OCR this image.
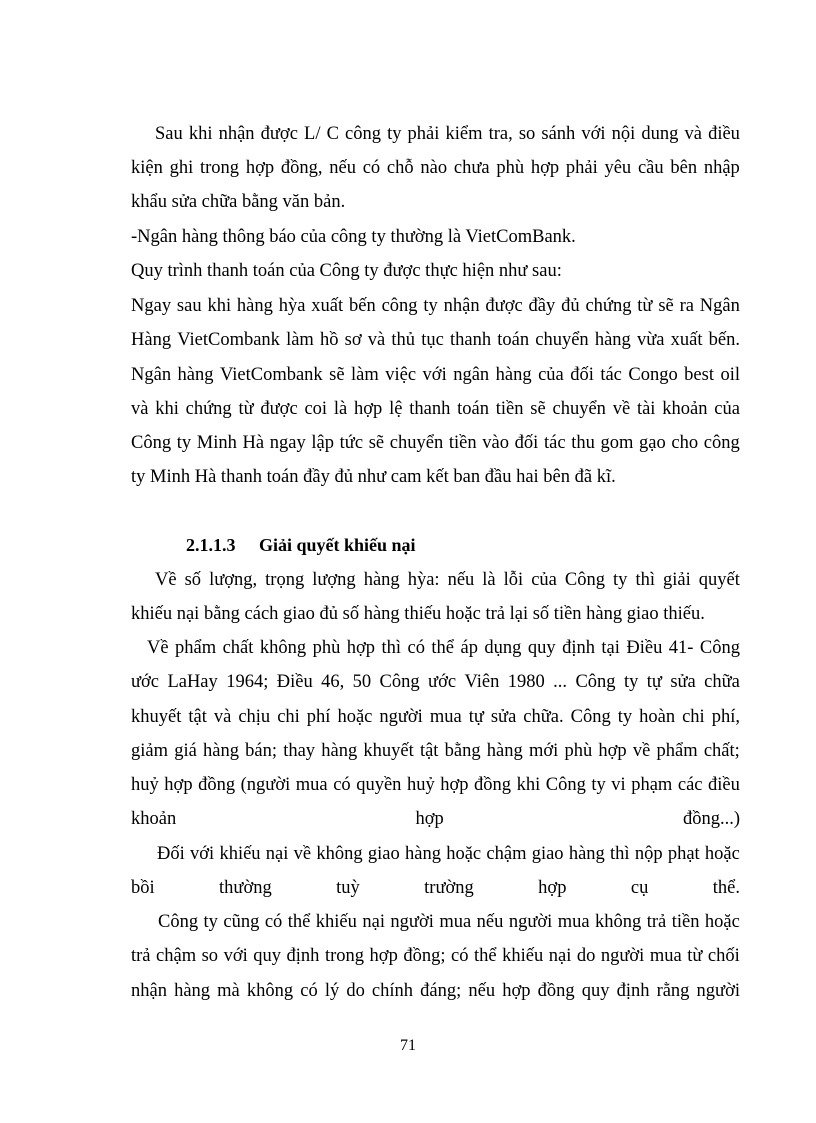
Sau khi nhận được L/ C công ty phải kiểm tra, so sánh với nội dung và điều
kiện ghi trong hợp đồng, nếu có chỗ nào chưa phù hợp phải yêu cầu bên nhập
khẩu sửa chữa bằng văn bản.
-Ngân hàng thông báo của công ty thường là VietComBank.
Quy trình thanh toán của Công ty được thực hiện như sau:
Ngay sau khi hàng hỳa xuất bến công ty nhận được đầy đủ chứng từ sẽ ra Ngân
Hàng VietCombank làm hồ sơ và thủ tục thanh toán chuyển hàng vừa xuất bến.
Ngân hàng VietCombank sẽ làm việc với ngân hàng của đối tác Congo best oil
và khi chứng từ được coi là hợp lệ thanh toán tiền sẽ chuyển về tài khoản của
Công ty Minh Hà ngay lập tức sẽ chuyển tiền vào đối tác thu gom gạo cho công
ty Minh Hà thanh toán đầy đủ như cam kết ban đầu hai bên đã kĩ.
2.1.1.3 Giải quyết khiếu nại
Về số lượng, trọng lượng hàng hỳa: nếu là lỗi của Công ty thì giải quyết
khiếu nại bằng cách giao đủ số hàng thiếu hoặc trả lại số tiền hàng giao thiếu.
Về phẩm chất không phù hợp thì có thể áp dụng quy định tại Điều 41- Công
ước LaHay 1964; Điều 46, 50 Công ước Viên 1980 ... Công ty tự sửa chữa
khuyết tật và chịu chi phí hoặc người mua tự sửa chữa. Công ty hoàn chi phí,
giảm giá hàng bán; thay hàng khuyết tật bằng hàng mới phù hợp về phẩm chất;
huỷ hợp đồng (người mua có quyền huỷ hợp đồng khi Công ty vi phạm các điều
khoản	hợp	đồng...)
Đối với khiếu nại về không giao hàng hoặc chậm giao hàng thì nộp phạt hoặc
bồi	thường	tuỳ	trường	hợp	cụ	thể.
Công ty cũng có thể khiếu nại người mua nếu người mua không trả tiền hoặc
trả chậm so với quy định trong hợp đồng; có thể khiếu nại do người mua từ chối
nhận hàng mà không có lý do chính đáng; nếu hợp đồng quy định rằng người
71
